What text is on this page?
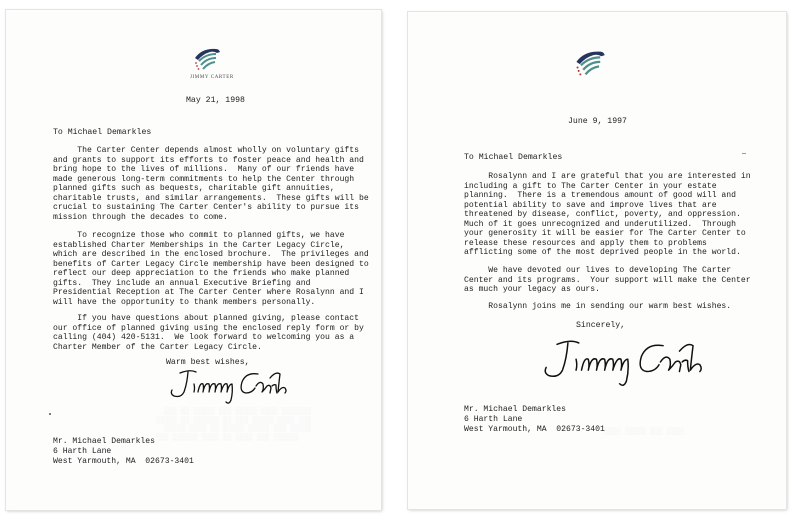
JIMMY CARTER
May 21, 1998
To Michael Demarkles
The Carter Center depends almost wholly on voluntary gifts
and grants to support its efforts to foster peace and health and
bring hope to the lives of millions.  Many of our friends have
made generous long-term commitments to help the Center through
planned gifts such as bequests, charitable gift annuities,
charitable trusts, and similar arrangements.  These gifts will be
crucial to sustaining The Carter Center's ability to pursue its
mission through the decades to come.
To recognize those who commit to planned gifts, we have
established Charter Memberships in the Carter Legacy Circle,
which are described in the enclosed brochure.  The privileges and
benefits of Carter Legacy Circle membership have been designed to
reflect our deep appreciation to the friends who make planned
gifts.  They include an annual Executive Briefing and
Presidential Reception at The Carter Center where Rosalynn and I
will have the opportunity to thank members personally.
If you have questions about planned giving, please contact
our office of planned giving using the enclosed reply form or by
calling (404) 420-5131.  We look forward to welcoming you as a
Charter Member of the Carter Legacy Circle.
Warm best wishes,
░░░ ░░ ░░░░░ ░░░ ░░░░░ ░░░░ ░░░░░░░
░░░░░ ░░ ░░░░░░ ░░ ░░░ ░░░░░ ░░░░ ░░░
░░░░░ ░░░░ ░░ ░░░░░ ░░░░░ ░░░ ░░░░░
░░░ ░░░░░░ ░░░░ ░░ ░░░░ ░░░ ░░░░░░
Mr. Michael Demarkles
6 Harth Lane
West Yarmouth, MA  02673-3401
June 9, 1997
To Michael Demarkles
Rosalynn and I are grateful that you are interested in
including a gift to The Carter Center in your estate
planning.  There is a tremendous amount of good will and
potential ability to save and improve lives that are
threatened by disease, conflict, poverty, and oppression.
Much of it goes unrecognized and underutilized.  Through
your generosity it will be easier for The Carter Center to
release these resources and apply them to problems
afflicting some of the most deprived people in the world.
We have devoted our lives to developing The Carter
Center and its programs.  Your support will make the Center
as much your legacy as ours.
Rosalynn joins me in sending our warm best wishes.
Sincerely,
Mr. Michael Demarkles
6 Harth Lane
West Yarmouth, MA  02673-3401 ░░░░ ░░░░░ ░░░ ░░░░
